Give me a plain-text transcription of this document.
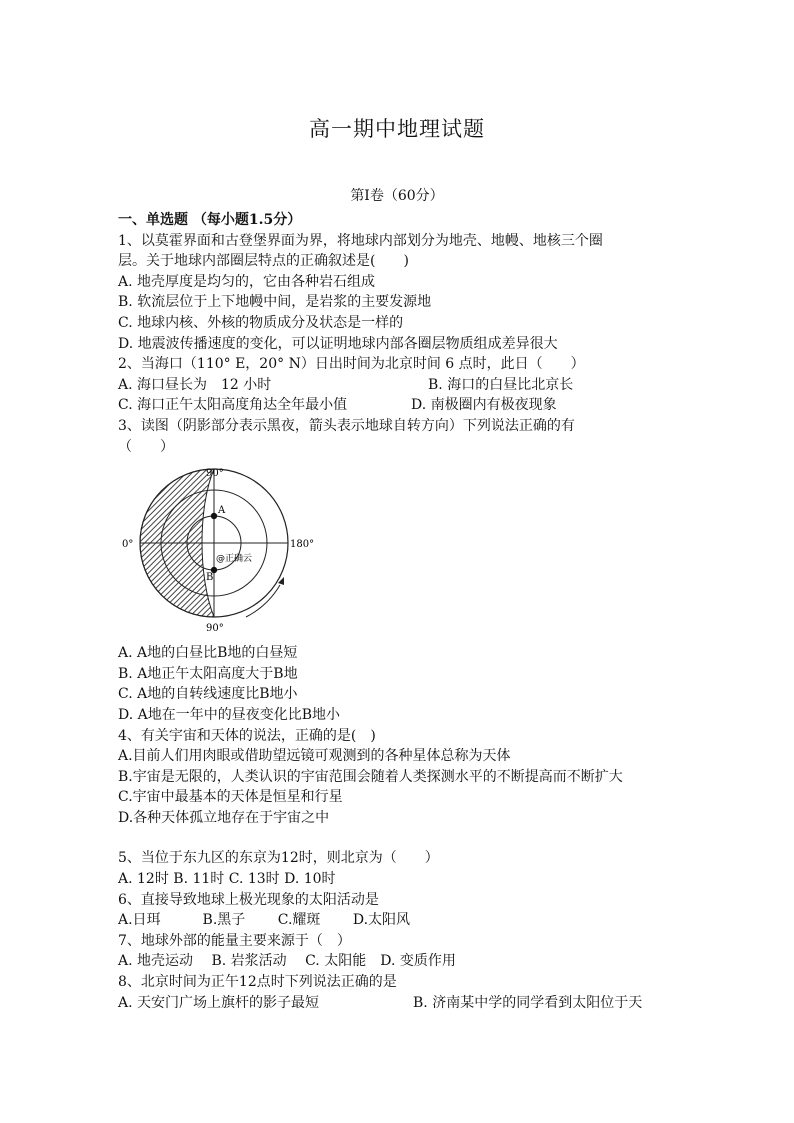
高一期中地理试题
第Ⅰ卷（60分）
一、单选题 （每小题1.5分）
1、以莫霍界面和古登堡界面为界，将地球内部划分为地壳、地幔、地核三个圈
层。关于地球内部圈层特点的正确叙述是(　　)
A. 地壳厚度是均匀的，它由各种岩石组成
B. 软流层位于上下地幔中间，是岩浆的主要发源地
C. 地球内核、外核的物质成分及状态是一样的
D. 地震波传播速度的变化，可以证明地球内部各圈层物质组成差异很大
2、当海口（110° E，20° N）日出时间为北京时间 6 点时，此日（　　）
A. 海口昼长为　12 小时	B. 海口的白昼比北京长
C. 海口正午太阳高度角达全年最小值	D. 南极圈内有极夜现象
3、读图（阴影部分表示黑夜，箭头表示地球自转方向）下列说法正确的有
（　　）
90°
90°
0°	180°
A
B
@正确云
A. A地的白昼比B地的白昼短
B. A地正午太阳高度大于B地
C. A地的自转线速度比B地小
D. A地在一年中的昼夜变化比B地小
4、有关宇宙和天体的说法，正确的是(　)
A.目前人们用肉眼或借助望远镜可观测到的各种星体总称为天体
B.宇宙是无限的，人类认识的宇宙范围会随着人类探测水平的不断提高而不断扩大
C.宇宙中最基本的天体是恒星和行星
D.各种天体孤立地存在于宇宙之中
5、当位于东九区的东京为12时，则北京为（　　）
A. 12时 B. 11时 C. 13时 D. 10时
6、直接导致地球上极光现象的太阳活动是
A.日珥　　　B.黑子　　 C.耀斑　　 D.太阳风
7、地球外部的能量主要来源于（　）
A. 地壳运动　 B. 岩浆活动　 C. 太阳能　D. 变质作用
8、北京时间为正午12点时下列说法正确的是
A. 天安门广场上旗杆的影子最短	B. 济南某中学的同学看到太阳位于天
